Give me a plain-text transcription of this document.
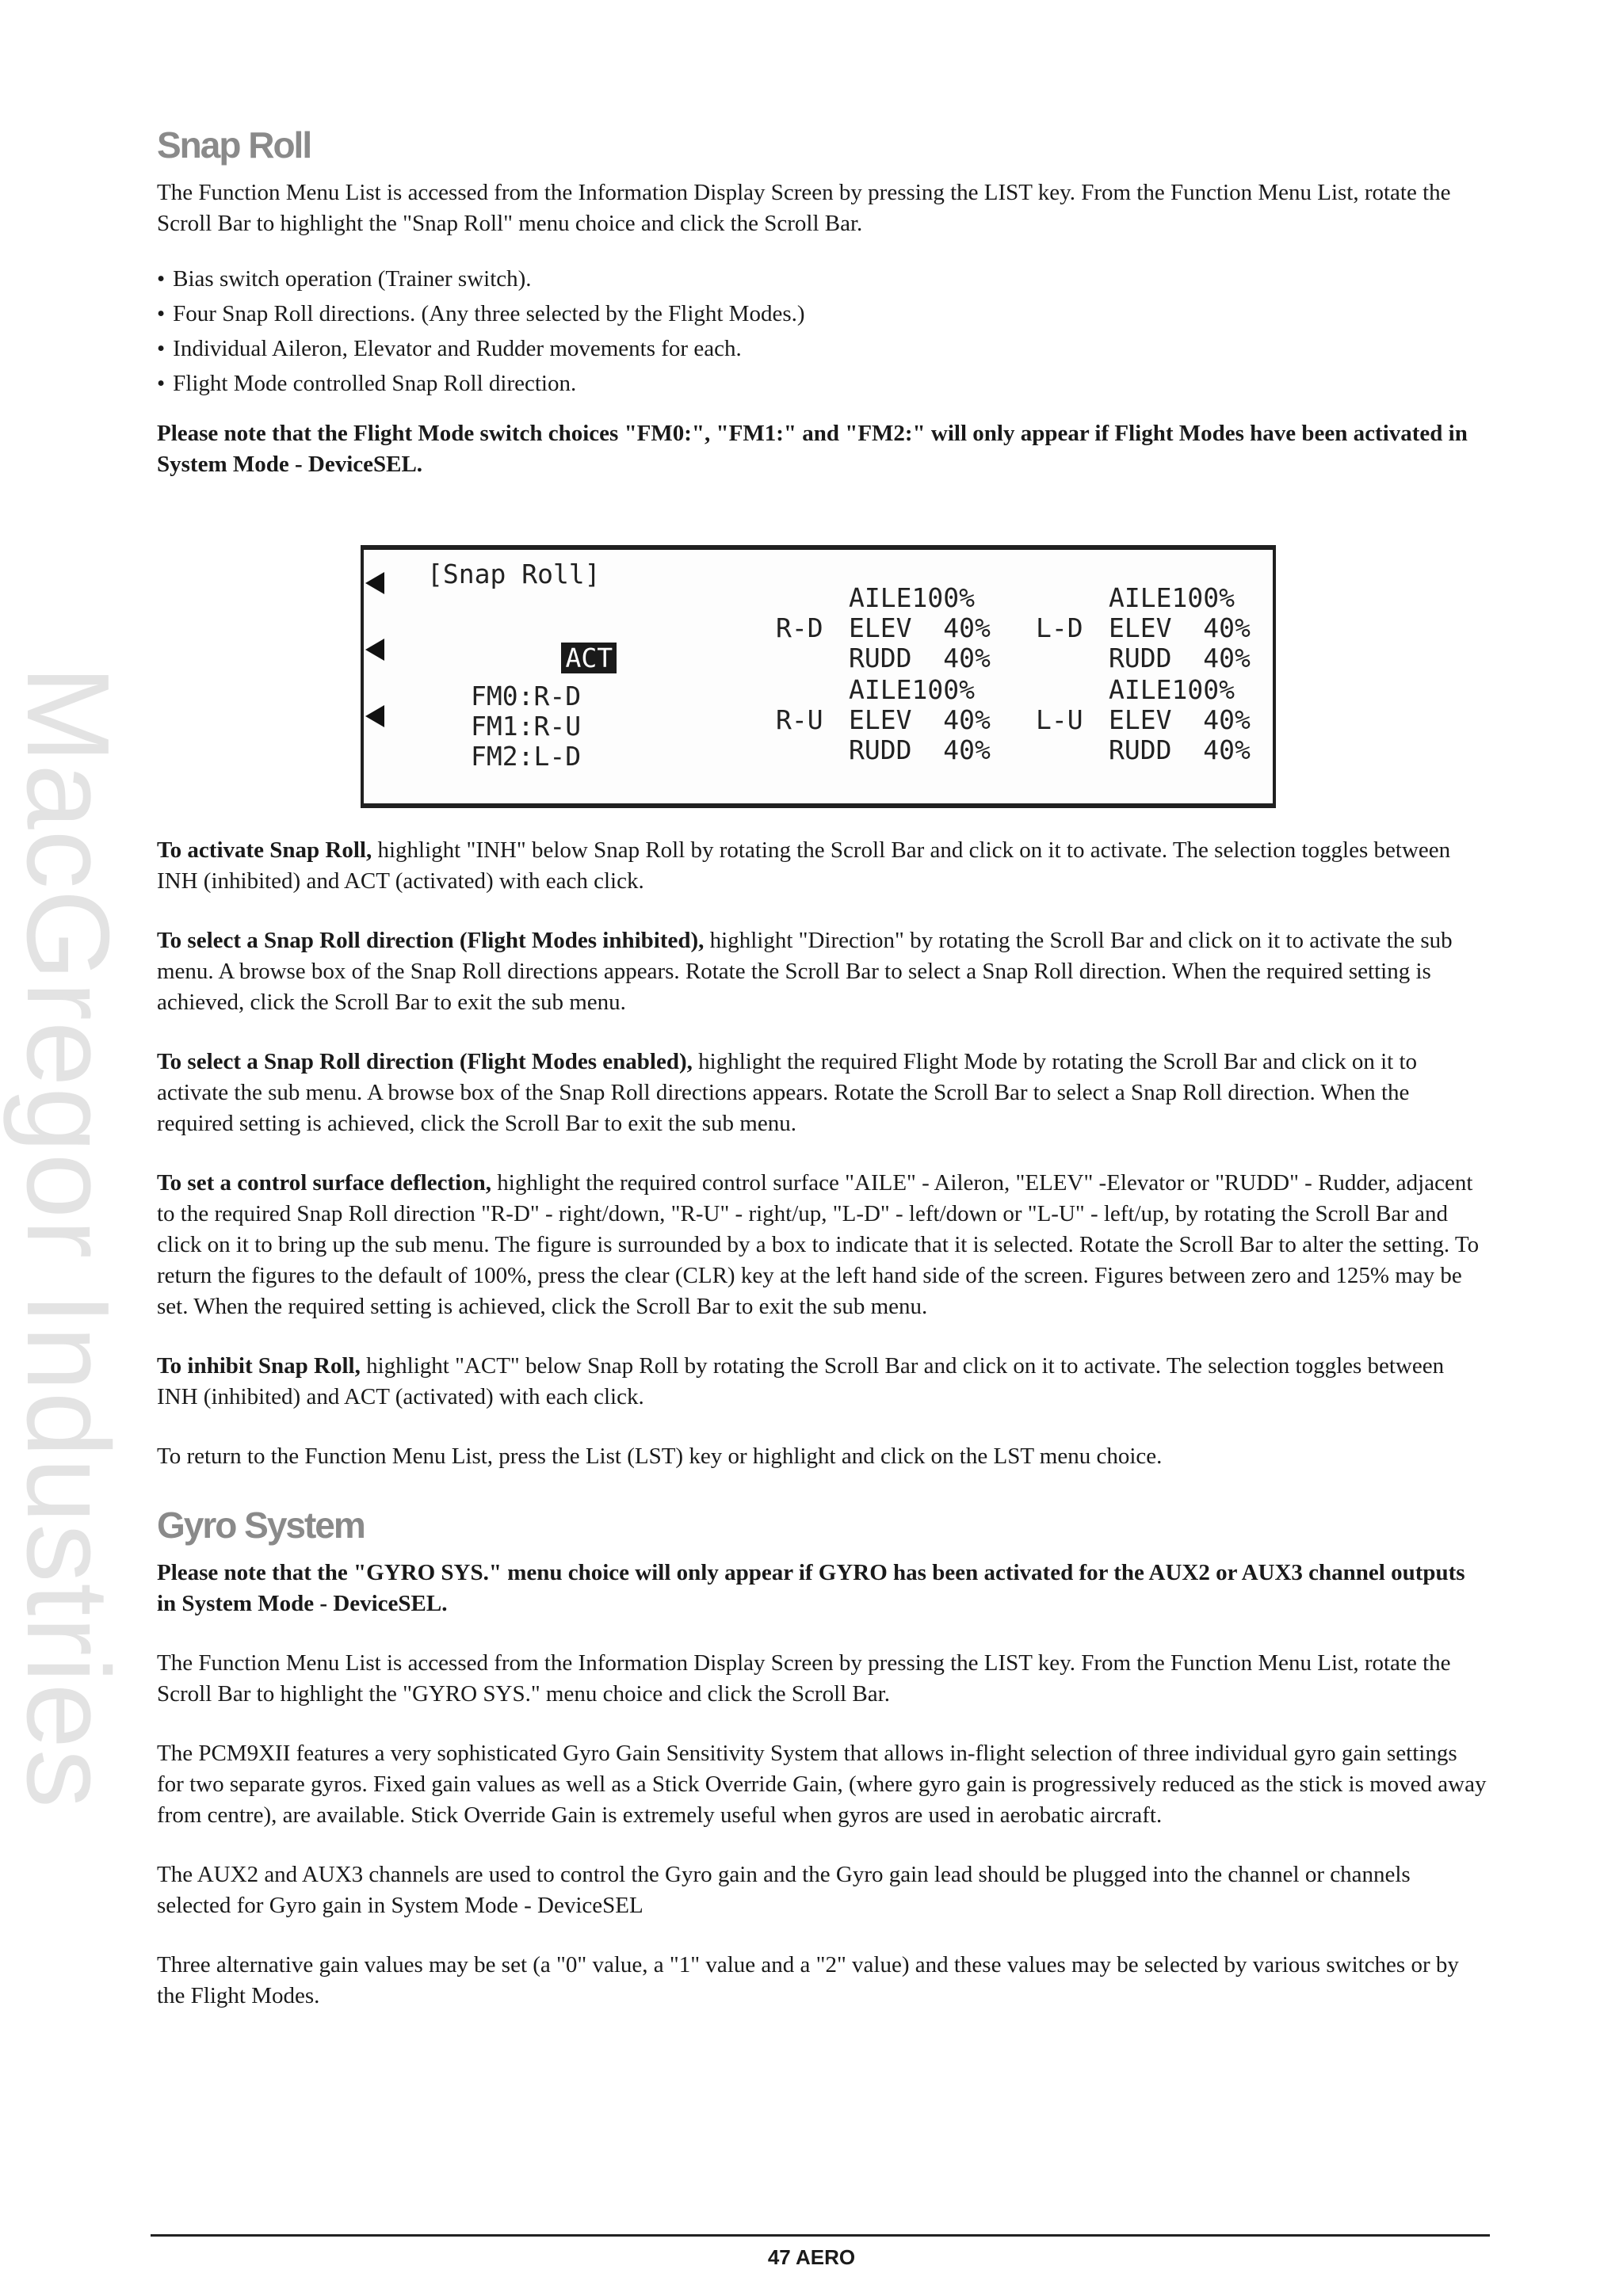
MacGregor Industries
Snap Roll

The Function Menu List is accessed from the Information Display Screen by pressing the LIST key. From the Function Menu List, rotate the Scroll Bar to highlight the "Snap Roll" menu choice and click the Scroll Bar.

• Bias switch operation (Trainer switch).
• Four Snap Roll directions. (Any three selected by the Flight Modes.)
• Individual Aileron, Elevator and Rudder movements for each.
• Flight Mode controlled Snap Roll direction.

Please note that the Flight Mode switch choices "FM0:", "FM1:" and "FM2:" will only appear if Flight Modes have been activated in System Mode - DeviceSEL.

To activate Snap Roll, highlight "INH" below Snap Roll by rotating the Scroll Bar and click on it to activate. The selection toggles between INH (inhibited) and ACT (activated) with each click.

To select a Snap Roll direction (Flight Modes inhibited), highlight "Direction" by rotating the Scroll Bar and click on it to activate the sub menu. A browse box of the Snap Roll directions appears. Rotate the Scroll Bar to select a Snap Roll direction. When the required setting is achieved, click the Scroll Bar to exit the sub menu.

To select a Snap Roll direction (Flight Modes enabled), highlight the required Flight Mode by rotating the Scroll Bar and click on it to activate the sub menu. A browse box of the Snap Roll directions appears. Rotate the Scroll Bar to select a Snap Roll direction. When the required setting is achieved, click the Scroll Bar to exit the sub menu.

To set a control surface deflection, highlight the required control surface "AILE" - Aileron, "ELEV" -Elevator or "RUDD" - Rudder, adjacent to the required Snap Roll direction "R-D" - right/down, "R-U" - right/up, "L-D" - left/down or "L-U" - left/up, by rotating the Scroll Bar and click on it to bring up the sub menu. The figure is surrounded by a box to indicate that it is selected. Rotate the Scroll Bar to alter the setting. To return the figures to the default of 100%, press the clear (CLR) key at the left hand side of the screen. Figures between zero and 125% may be set. When the required setting is achieved, click the Scroll Bar to exit the sub menu.

To inhibit Snap Roll, highlight "ACT" below Snap Roll by rotating the Scroll Bar and click on it to activate. The selection toggles between INH (inhibited) and ACT (activated) with each click.

To return to the Function Menu List, press the List (LST) key or highlight and click on the LST menu choice.

Gyro System

Please note that the "GYRO SYS." menu choice will only appear if GYRO has been activated for the AUX2 or AUX3 channel outputs in System Mode - DeviceSEL.

The Function Menu List is accessed from the Information Display Screen by pressing the LIST key. From the Function Menu List, rotate the Scroll Bar to highlight the "GYRO SYS." menu choice and click the Scroll Bar.

The PCM9XII features a very sophisticated Gyro Gain Sensitivity System that allows in-flight selection of three individual gyro gain settings for two separate gyros. Fixed gain values as well as a Stick Override Gain, (where gyro gain is progressively reduced as the stick is moved away from centre), are available. Stick Override Gain is extremely useful when gyros are used in aerobatic aircraft.

The AUX2 and AUX3 channels are used to control the Gyro gain and the Gyro gain lead should be plugged into the channel or channels selected for Gyro gain in System Mode - DeviceSEL

Three alternative gain values may be set (a "0" value, a "1" value and a "2" value) and these values may be selected by various switches or by the Flight Modes.

[Snap Roll]

ACT

FM0:R-D
FM1:R-U
FM2:L-D
AILE100%
R-D ELEV  40%
RUDD  40%
AILE100%
L-D ELEV  40%
RUDD  40%
AILE100%
R-U ELEV  40%
RUDD  40%
AILE100%
L-U ELEV  40%
RUDD  40%
47 AERO
